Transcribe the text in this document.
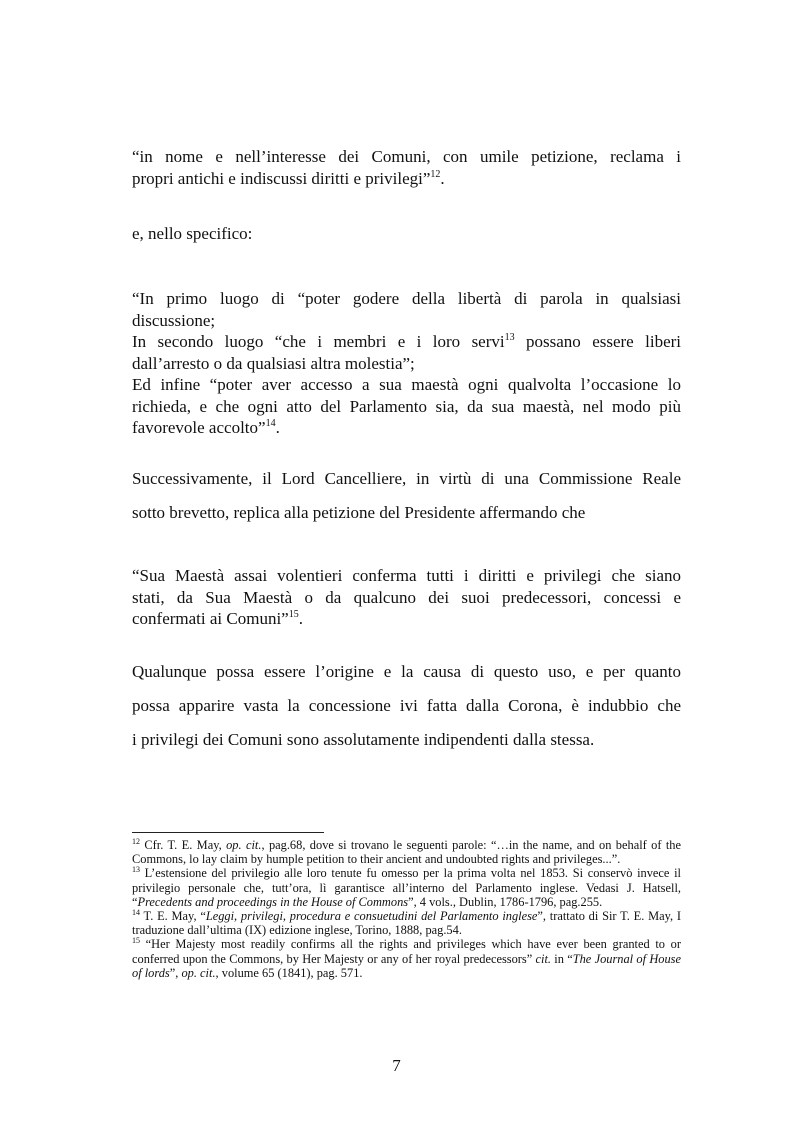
“in nome e nell’interesse dei Comuni, con umile petizione, reclama i
propri antichi e indiscussi diritti e privilegi”$^{12}$.

e, nello specifico:

“In primo luogo di “poter godere della libertà di parola in qualsiasi
discussione;
In secondo luogo “che i membri e i loro servi$^{13}$ possano essere liberi
dall’arresto o da qualsiasi altra molestia”;
Ed infine “poter aver accesso a sua maestà ogni qualvolta l’occasione lo
richieda, e che ogni atto del Parlamento sia, da sua maestà, nel modo più
favorevole accolto”$^{14}$.
Successivamente, il Lord Cancelliere, in virtù di una Commissione Reale
sotto brevetto, replica alla petizione del Presidente affermando che
“Sua Maestà assai volentieri conferma tutti i diritti e privilegi che siano
stati, da Sua Maestà o da qualcuno dei suoi predecessori, concessi e
confermati ai Comuni”$^{15}$.
Qualunque possa essere l’origine e la causa di questo uso, e per quanto
possa apparire vasta la concessione ivi fatta dalla Corona, è indubbio che
i privilegi dei Comuni sono assolutamente indipendenti dalla stessa.

$^{12}$ Cfr. T. E. May, op. cit., pag.68, dove si trovano le seguenti parole: “…in the name, and on behalf of the Commons, lo lay claim by humple petition to their ancient and undoubted rights and privileges...”.

$^{13}$ L’estensione del privilegio alle loro tenute fu omesso per la prima volta nel 1853. Si conservò invece il privilegio personale che, tutt’ora, lì garantisce all’interno del Parlamento inglese. Vedasi J. Hatsell, “Precedents and proceedings in the House of Commons”, 4 vols., Dublin, 1786-1796, pag.255.

$^{14}$ T. E. May, “Leggi, privilegi, procedura e consuetudini del Parlamento inglese”, trattato di Sir T. E. May, I traduzione dall’ultima (IX) edizione inglese, Torino, 1888, pag.54.

$^{15}$ “Her Majesty most readily confirms all the rights and privileges which have ever been granted to or conferred upon the Commons, by Her Majesty or any of her royal predecessors” cit. in “The Journal of House of lords”, op. cit., volume 65 (1841), pag. 571.

7
